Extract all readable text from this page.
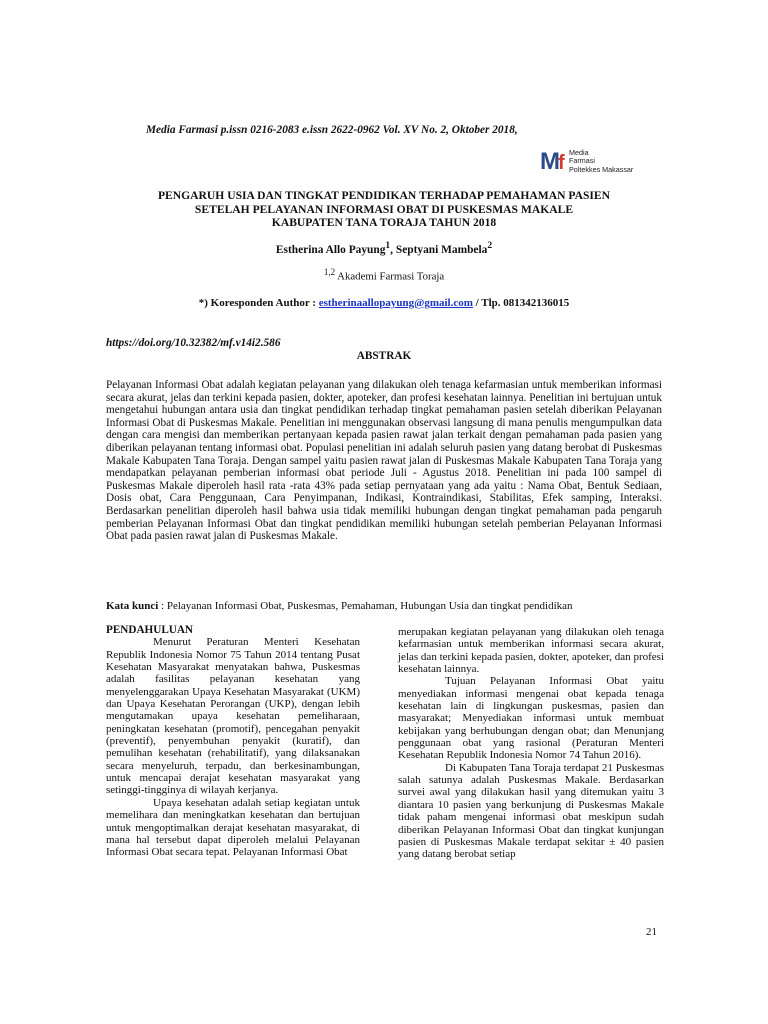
Media Farmasi p.issn 0216-2083 e.issn 2622-0962 Vol. XV No. 2, Oktober 2018,
Mf Media
Farmasi
Poltekkes Makassar
PENGARUH USIA DAN TINGKAT PENDIDIKAN TERHADAP PEMAHAMAN PASIEN
SETELAH PELAYANAN INFORMASI OBAT DI PUSKESMAS MAKALE
KABUPATEN TANA TORAJA TAHUN 2018
Estherina Allo Payung$^1$, Septyani Mambela$^2$
$^{1,2}$ Akademi Farmasi Toraja
*) Koresponden Author : estherinaallopayung@gmail.com / Tlp. 081342136015
https://doi.org/10.32382/mf.v14i2.586
ABSTRAK
Pelayanan Informasi Obat adalah kegiatan pelayanan yang dilakukan oleh tenaga kefarmasian untuk memberikan informasi secara akurat, jelas dan terkini kepada pasien, dokter, apoteker, dan profesi kesehatan lainnya. Penelitian ini bertujuan untuk mengetahui hubungan antara usia dan tingkat pendidikan terhadap tingkat pemahaman pasien setelah diberikan Pelayanan Informasi Obat di Puskesmas Makale. Penelitian ini menggunakan observasi langsung di mana penulis mengumpulkan data dengan cara mengisi dan memberikan pertanyaan kepada pasien rawat jalan terkait dengan pemahaman pada pasien yang diberikan pelayanan tentang informasi obat. Populasi penelitian ini adalah seluruh pasien yang datang berobat di Puskesmas Makale Kabupaten Tana Toraja. Dengan sampel yaitu pasien rawat jalan di Puskesmas Makale Kabupaten Tana Toraja yang mendapatkan pelayanan pemberian informasi obat periode Juli - Agustus 2018. Penelitian ini pada 100 sampel di Puskesmas Makale diperoleh hasil rata -rata 43% pada setiap pernyataan yang ada yaitu : Nama Obat, Bentuk Sediaan, Dosis obat, Cara Penggunaan, Cara Penyimpanan, Indikasi, Kontraindikasi, Stabilitas, Efek samping, Interaksi. Berdasarkan penelitian diperoleh hasil bahwa usia tidak memiliki hubungan dengan tingkat pemahaman pada pengaruh pemberian Pelayanan Informasi Obat dan tingkat pendidikan memiliki hubungan setelah pemberian Pelayanan Informasi Obat pada pasien rawat jalan di Puskesmas Makale.
Kata kunci : Pelayanan Informasi Obat, Puskesmas, Pemahaman, Hubungan Usia dan tingkat pendidikan
PENDAHULUAN

Menurut Peraturan Menteri Kesehatan Republik Indonesia Nomor 75 Tahun 2014 tentang Pusat Kesehatan Masyarakat menyatakan bahwa, Puskesmas adalah fasilitas pelayanan kesehatan yang menyelenggarakan Upaya Kesehatan Masyarakat (UKM) dan Upaya Kesehatan Perorangan (UKP), dengan lebih mengutamakan upaya kesehatan pemeliharaan, peningkatan kesehatan (promotif), pencegahan penyakit (preventif), penyembuhan penyakit (kuratif), dan pemulihan kesehatan (rehabilitatif), yang dilaksanakan secara menyeluruh, terpadu, dan berkesinambungan, untuk mencapai derajat kesehatan masyarakat yang setinggi-tingginya di wilayah kerjanya.

Upaya kesehatan adalah setiap kegiatan untuk memelihara dan meningkatkan kesehatan dan bertujuan untuk mengoptimalkan derajat kesehatan masyarakat, di mana hal tersebut dapat diperoleh melalui Pelayanan Informasi Obat secara tepat. Pelayanan Informasi Obat

merupakan kegiatan pelayanan yang dilakukan oleh tenaga kefarmasian untuk memberikan informasi secara akurat, jelas dan terkini kepada pasien, dokter, apoteker, dan profesi kesehatan lainnya.

Tujuan Pelayanan Informasi Obat yaitu menyediakan informasi mengenai obat kepada tenaga kesehatan lain di lingkungan puskesmas, pasien dan masyarakat; Menyediakan informasi untuk membuat kebijakan yang berhubungan dengan obat; dan Menunjang penggunaan obat yang rasional (Peraturan Menteri Kesehatan Republik Indonesia Nomor 74 Tahun 2016).

Di Kabupaten Tana Toraja terdapat 21 Puskesmas salah satunya adalah Puskesmas Makale. Berdasarkan survei awal yang dilakukan hasil yang ditemukan yaitu 3 diantara 10 pasien yang berkunjung di Puskesmas Makale tidak paham mengenai informasi obat meskipun sudah diberikan Pelayanan Informasi Obat dan tingkat kunjungan pasien di Puskesmas Makale terdapat sekitar ± 40 pasien yang datang berobat setiap

21
